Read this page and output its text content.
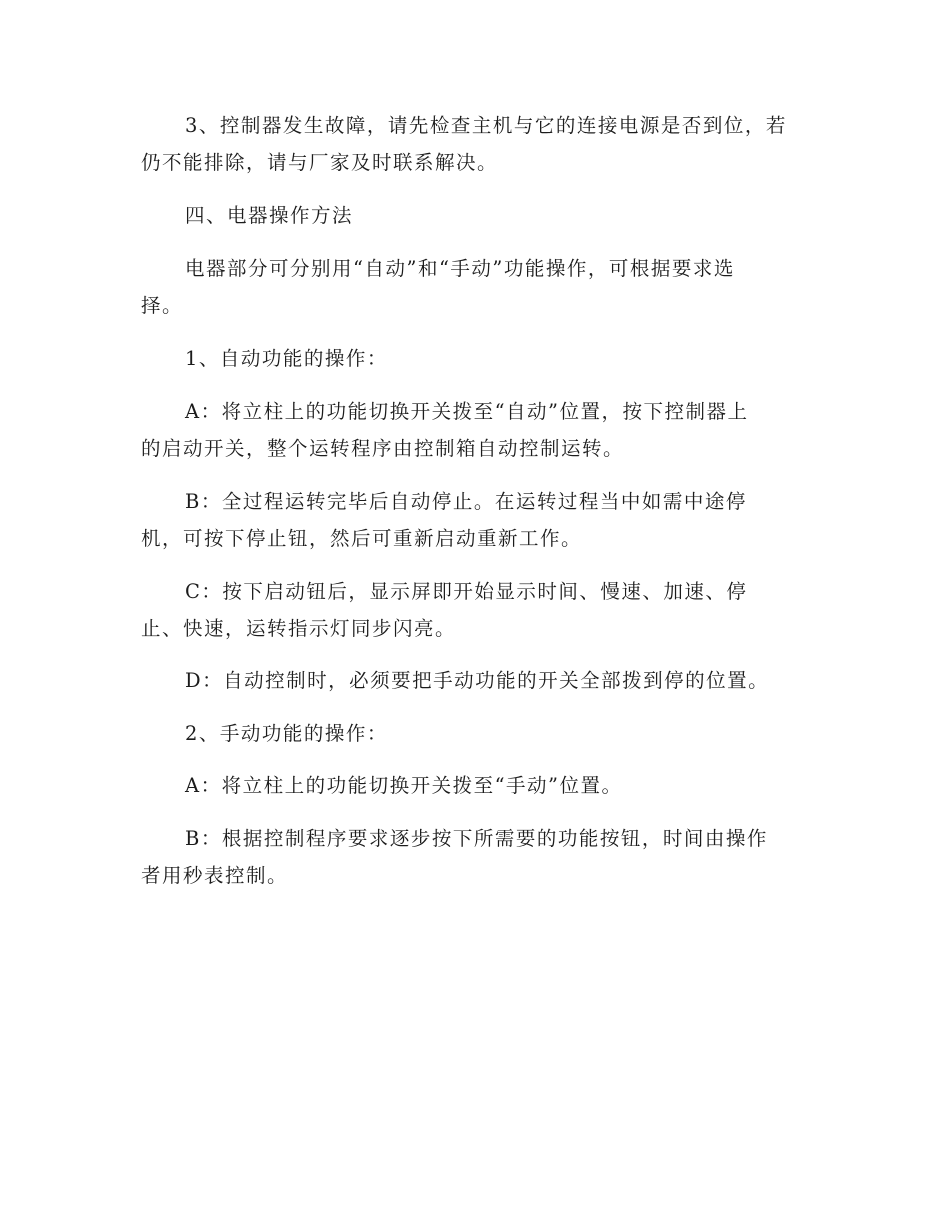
3、控制器发生故障，请先检查主机与它的连接电源是否到位，若
仍不能排除，请与厂家及时联系解决。

四、电器操作方法

电器部分可分别用“自动”和“手动”功能操作，可根据要求选
择。

1、自动功能的操作：

A：将立柱上的功能切换开关拨至“自动”位置，按下控制器上
的启动开关，整个运转程序由控制箱自动控制运转。

B：全过程运转完毕后自动停止。在运转过程当中如需中途停
机，可按下停止钮，然后可重新启动重新工作。

C：按下启动钮后，显示屏即开始显示时间、慢速、加速、停
止、快速，运转指示灯同步闪亮。

D：自动控制时，必须要把手动功能的开关全部拨到停的位置。

2、手动功能的操作：

A：将立柱上的功能切换开关拨至“手动”位置。

B：根据控制程序要求逐步按下所需要的功能按钮，时间由操作
者用秒表控制。
